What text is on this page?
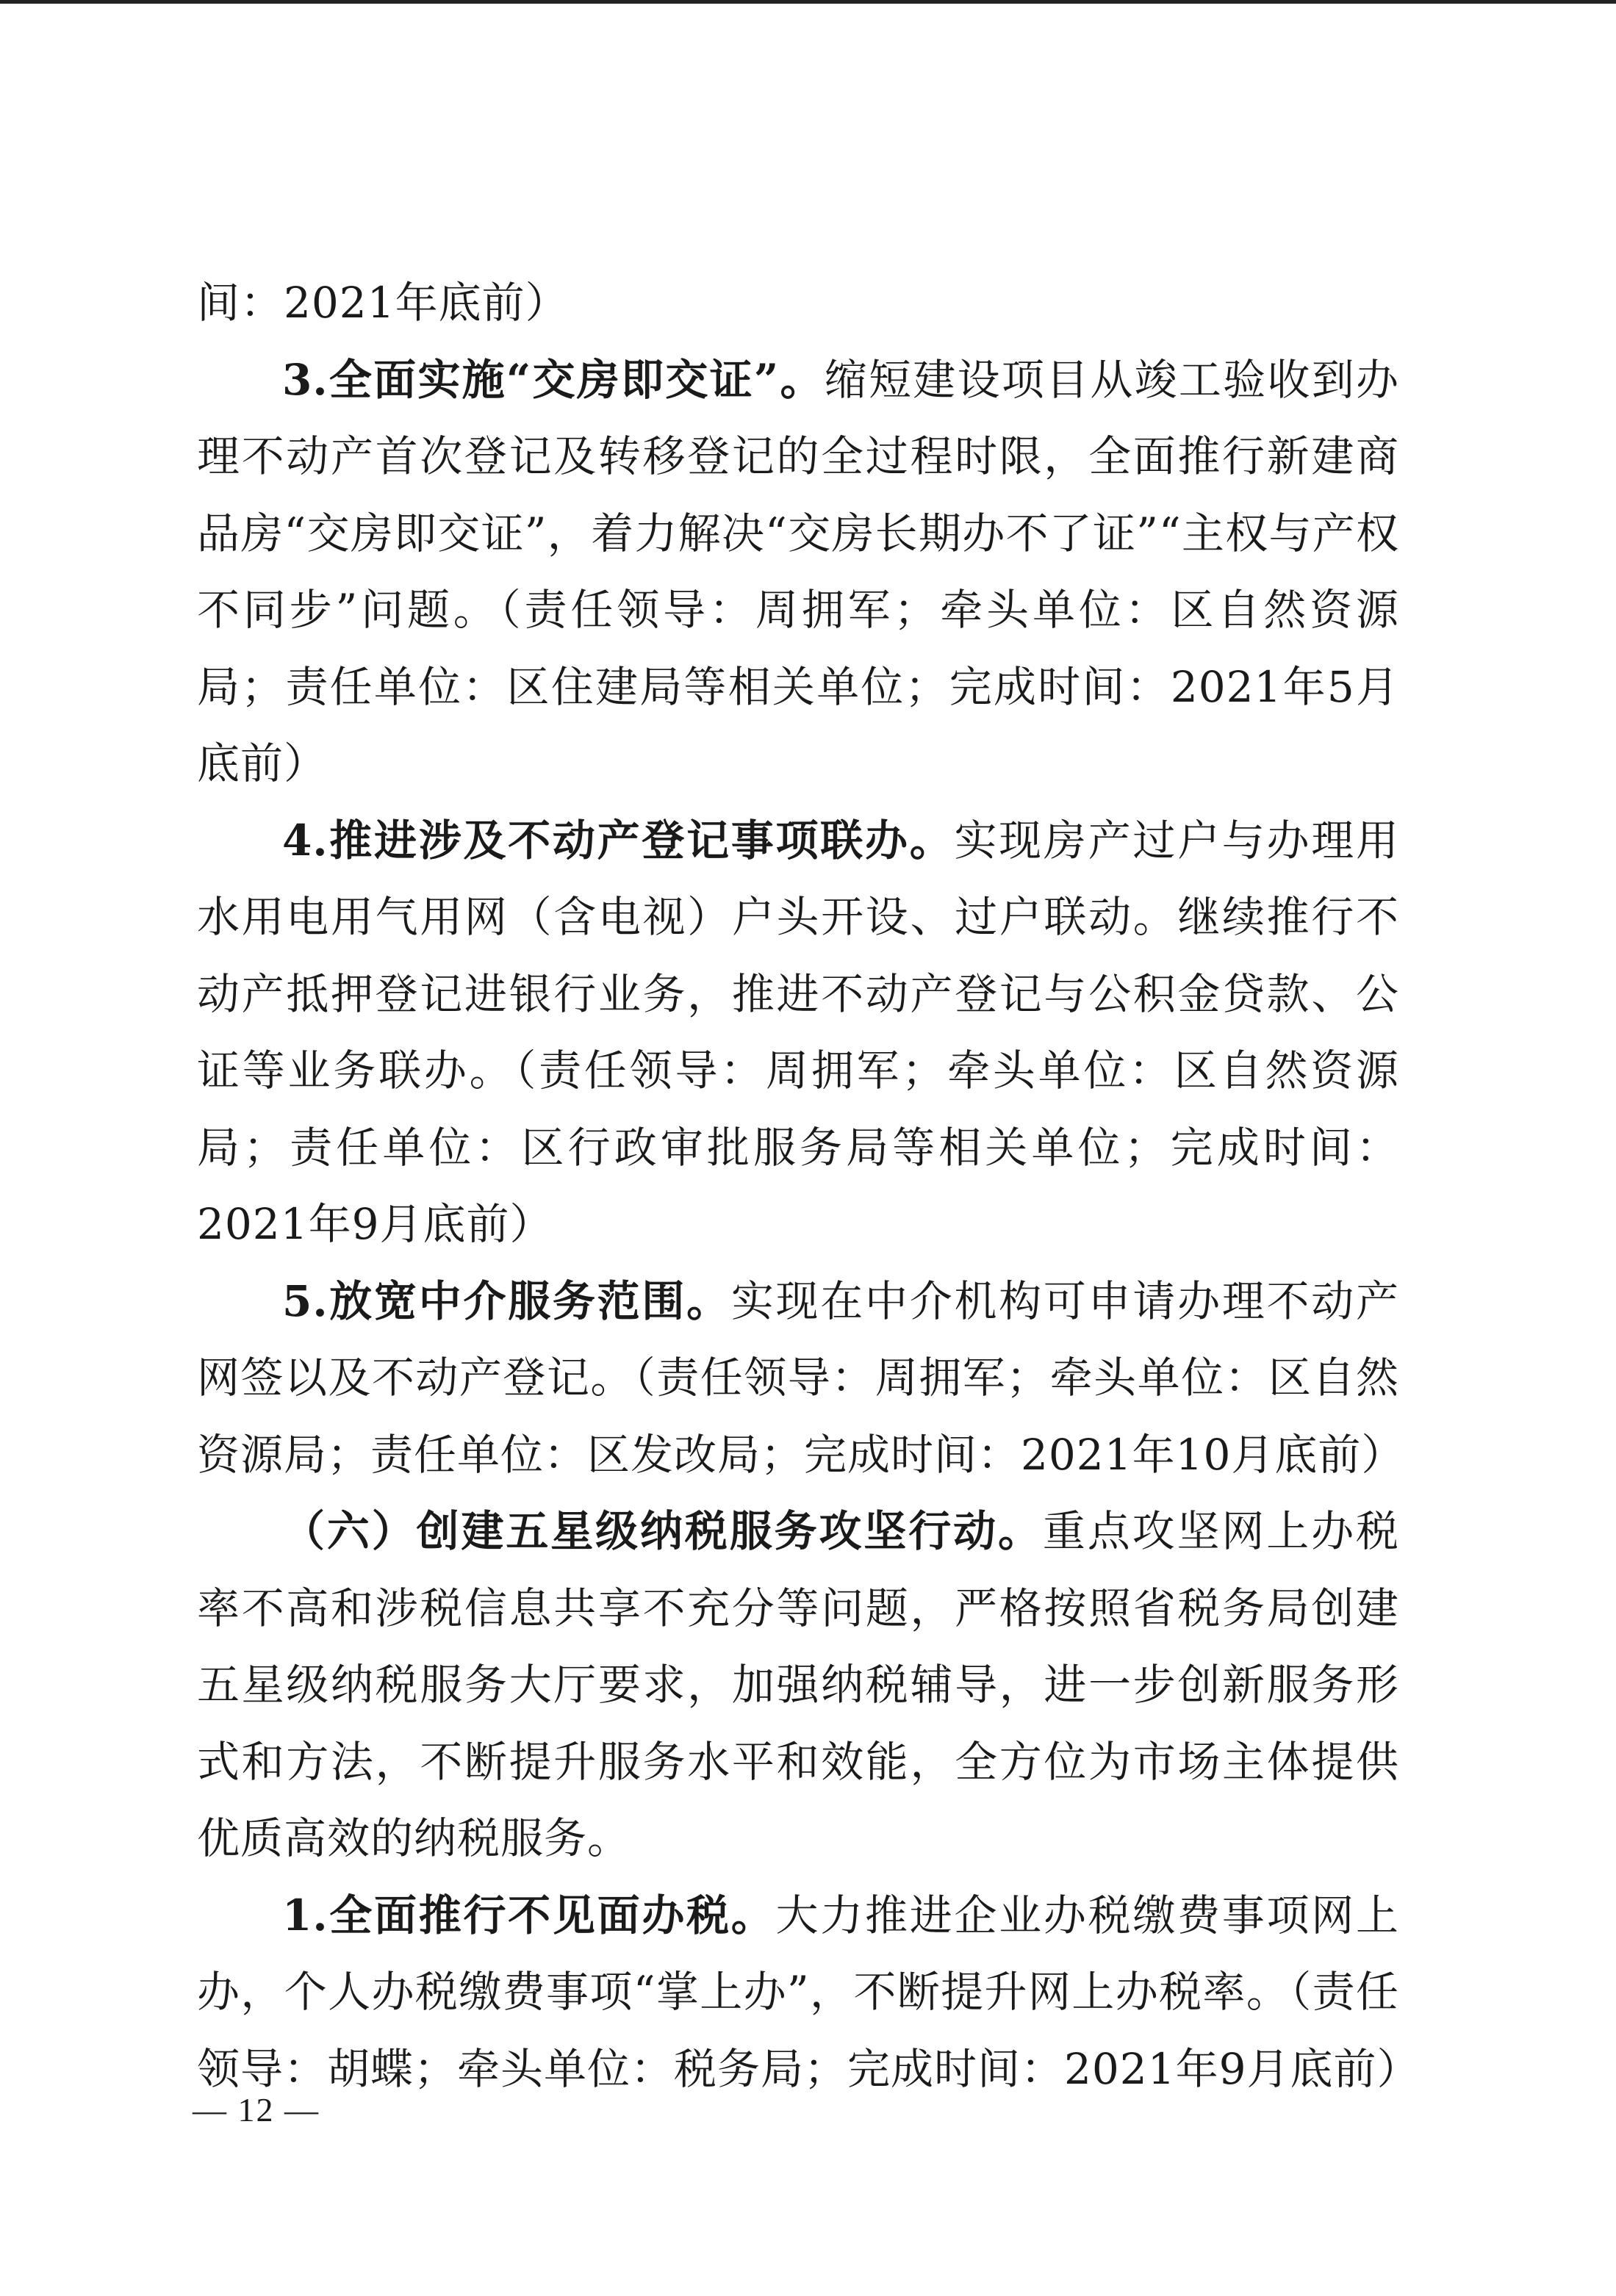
间：2021年底前）

3.全面实施“交房即交证”。缩短建设项目从竣工验收到办理不动产首次登记及转移登记的全过程时限，全面推行新建商品房“交房即交证”，着力解决“交房长期办不了证”“主权与产权不同步”问题。（责任领导：周拥军；牵头单位：区自然资源局；责任单位：区住建局等相关单位；完成时间：2021年5月底前）

4.推进涉及不动产登记事项联办。实现房产过户与办理用水用电用气用网（含电视）户头开设、过户联动。继续推行不动产抵押登记进银行业务，推进不动产登记与公积金贷款、公证等业务联办。（责任领导：周拥军；牵头单位：区自然资源局；责任单位：区行政审批服务局等相关单位；完成时间：2021年9月底前）

5.放宽中介服务范围。实现在中介机构可申请办理不动产网签以及不动产登记。（责任领导：周拥军；牵头单位：区自然资源局；责任单位：区发改局；完成时间：2021年10月底前）

（六）创建五星级纳税服务攻坚行动。重点攻坚网上办税率不高和涉税信息共享不充分等问题，严格按照省税务局创建五星级纳税服务大厅要求，加强纳税辅导，进一步创新服务形式和方法，不断提升服务水平和效能，全方位为市场主体提供优质高效的纳税服务。

1.全面推行不见面办税。大力推进企业办税缴费事项网上办，个人办税缴费事项“掌上办”，不断提升网上办税率。（责任领导：胡蝶；牵头单位：税务局；完成时间：2021年9月底前）

— 12 —
